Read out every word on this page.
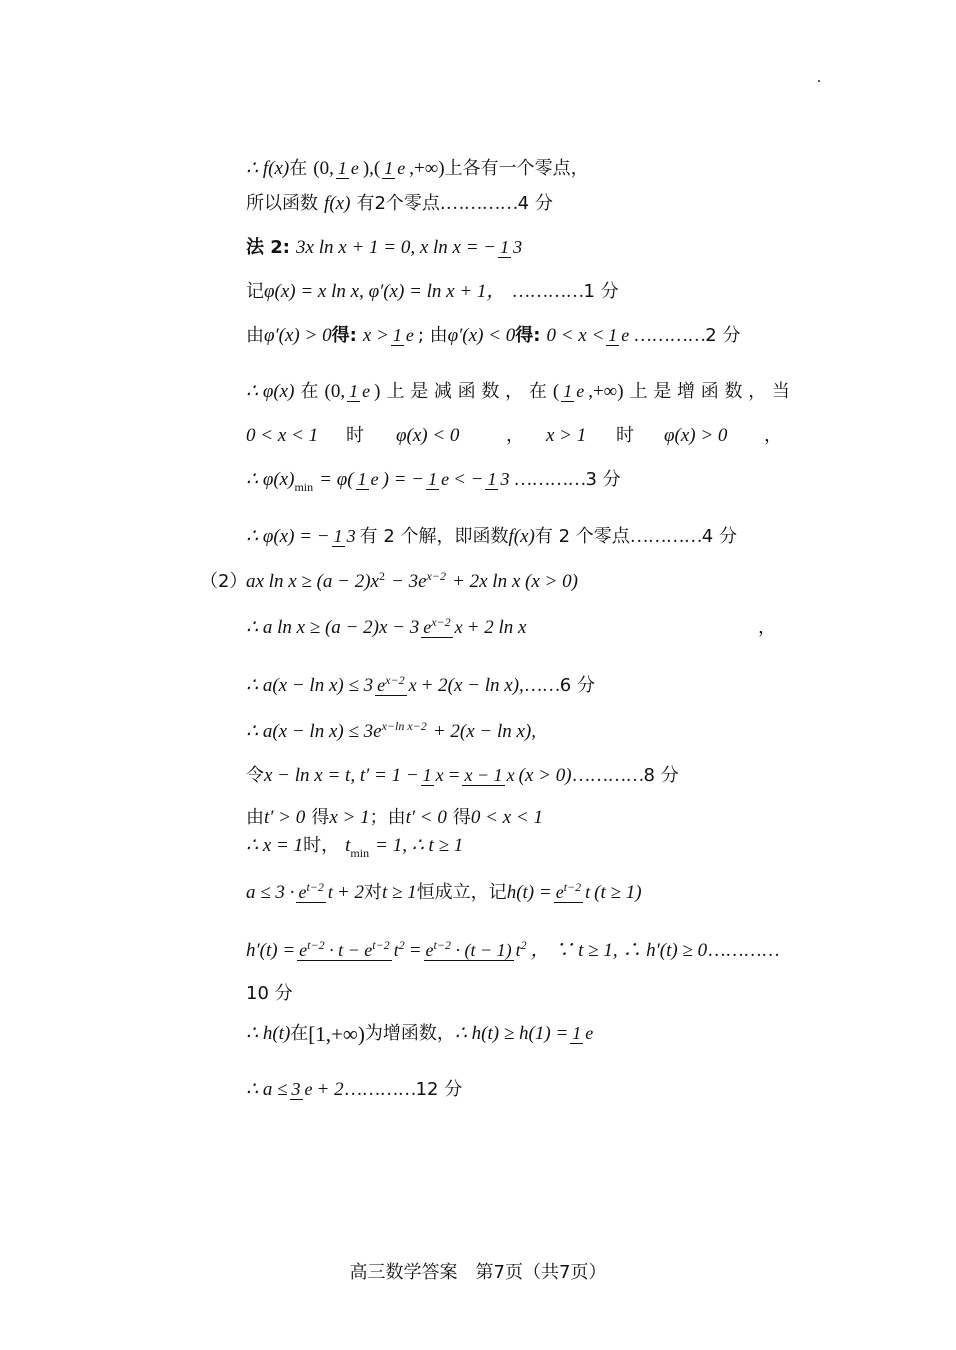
∴ f(x) 在
(0, 1 e ),( 1 e ,+∞) 上各有一个零点，
所以函数
f(x)
有2个零点. ………… 4 分
法 2:
3x ln x + 1 = 0, x ln x = − 1 3
记 φ(x) = x ln x, φ′(x) = ln x + 1，
………… 1 分
由 φ′(x) > 0 得:
x > 1 e ; 由 φ′(x) < 0 得:
0 < x < 1 e ………… 2 分
∴ φ(x)
在
(0, 1 e )
上 是 减 函 数 ， 在
( 1 e ,+∞)
上 是 增 函 数 ， 当
0 < x < 1	时	φ(x) < 0	，	x > 1	时	φ(x) > 0	，
∴ φ(x) min
= φ( 1 e ) = − 1 e < − 1 3 ………… 3 分
∴ φ(x) = − 1 3 有 2 个解，即函数 f(x) 有 2 个零点 ………… 4 分
（2）
ax ln x ≥ (a − 2)x 2
− 3e x−2
+ 2x ln x (x > 0)
∴ a ln x ≥ (a − 2)x − 3 $e^{x-2}$ x + 2 ln x	，
∴ a(x − ln x) ≤ 3 $e^{x-2}$ x + 2(x − ln x), …… 6 分
∴ a(x − ln x) ≤ 3e x−ln x−2
+ 2(x − ln x),
令 x − ln x = t, t′ = 1 − 1 x = x − 1 x (x > 0) ………… 8 分
由 t′ > 0
得 x > 1 ；由 t′ < 0
得 0 < x < 1
∴ x = 1 时，
t min
= 1, ∴ t ≥ 1
$a \le 3 \cdot e^{t-2}$ t + 2 对 t ≥ 1 恒成立，记 $h(t) = e^{t-2}$ t (t ≥ 1)
$h'(t) = e^{t-2} \cdot t - e^{t-2}$ $t^2 = e^{t-2} \cdot (t - 1)$ $t^2$ ， ∵ t ≥ 1, ∴ h′(t) ≥ 0 …………
10 分
∴ h(t) 在 [1,+∞) 为增函数， ∴ h(t) ≥ h(1) = 1 e
∴ a ≤ 3 e + 2 ………… 12 分
高三数学答案　第7页（共7页）
